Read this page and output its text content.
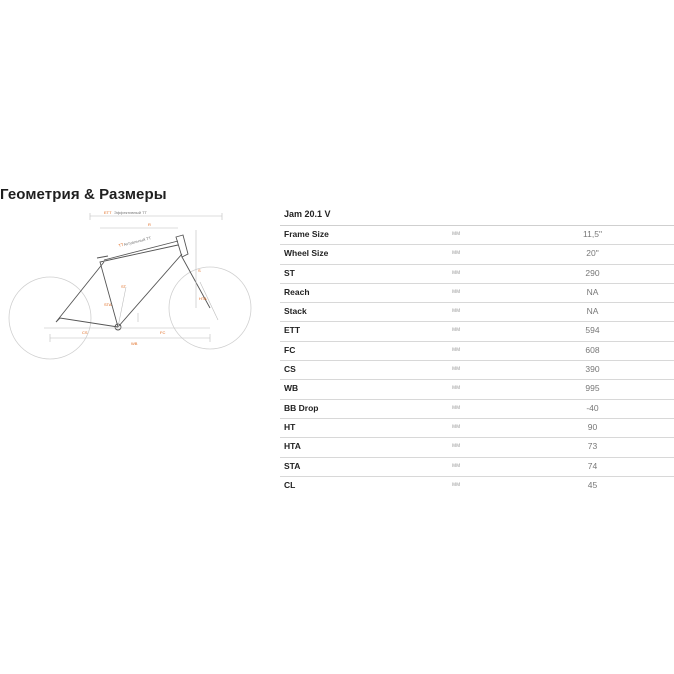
Геометрия & Размеры
ЕТТ Эффективный ТТ
ТТ Актуальный ТТ
ST
STA
HTA
S
R
CS	FC
WB
Jam 20.1 V
Frame Size	мм	11,5"
Wheel Size	мм	20"
ST	мм	290
Reach	мм	NA
Stack	мм	NA
ETT	мм	594
FC	мм	608
CS	мм	390
WB	мм	995
BB Drop	мм	-40
HT	мм	90
HTA	мм	73
STA	мм	74
CL	мм	45
